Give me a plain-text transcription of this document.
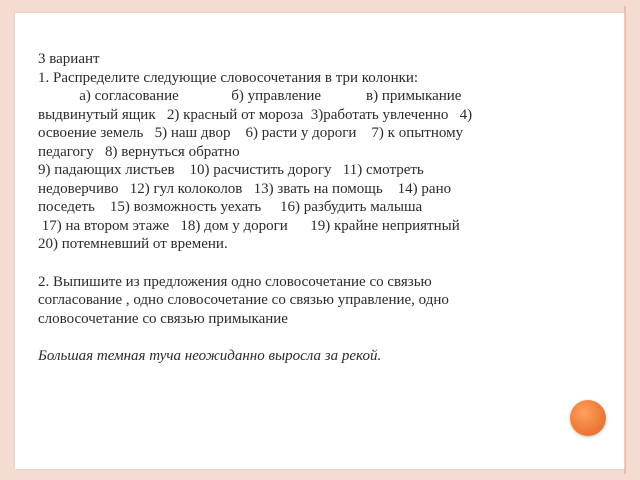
3 вариант
1. Распределите следующие словосочетания в три колонки:
а) согласование              б) управление            в) примыкание
выдвинутый ящик   2) красный от мороза  3)работать увлеченно   4)
освоение земель   5) наш двор    6) расти у дороги    7) к опытному
педагогу   8) вернуться обратно
9) падающих листьев    10) расчистить дорогу   11) смотреть
недоверчиво   12) гул колоколов   13) звать на помощь    14) рано
поседеть    15) возможность уехать     16) разбудить малыша
17) на втором этаже   18) дом у дороги      19) крайне неприятный
20) потемневший от времени.
2. Выпишите из предложения одно словосочетание со связью
согласование , одно словосочетание со связью управление, одно
словосочетание со связью примыкание
Большая темная туча неожиданно выросла за рекой.
